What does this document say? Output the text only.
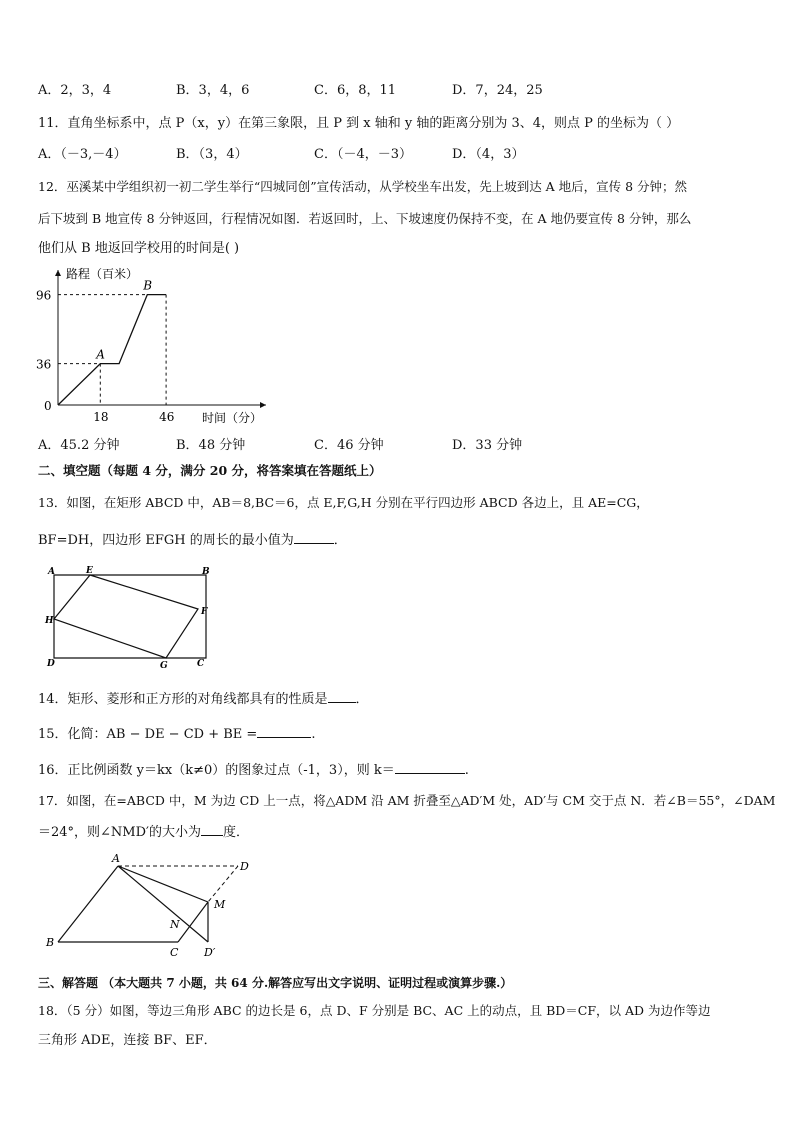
A．2，3，4	B．3，4，6	C．6，8，11	D．7，24，25
11．直角坐标系中，点 P（x，y）在第三象限，且 P 到 x 轴和 y 轴的距离分别为 3、4，则点 P 的坐标为（ ）
A．（－3,－4）	B．（3，4）	C．（－4，－3）	D．（4，3）
12．巫溪某中学组织初一初二学生举行“四城同创”宣传活动，从学校坐车出发，先上坡到达 A 地后，宣传 8 分钟；然
后下坡到 B 地宣传 8 分钟返回，行程情况如图．若返回时，上、下坡速度仍保持不变，在 A 地仍要宣传 8 分钟，那么
他们从 B 地返回学校用的时间是( )
路程（百米）
时间（分）
0
18	46
36
96
A
B
A．45.2 分钟	B．48 分钟	C．46 分钟	D．33 分钟
二、填空题（每题 4 分，满分 20 分，将答案填在答题纸上）
13．如图，在矩形 ABCD 中，AB＝8,BC＝6，点 E,F,G,H 分别在平行四边形 ABCD 各边上，且 AE=CG，
BF=DH，四边形 EFGH 的周长的最小值为	．
A	E	B
F
H
D	G	C
14．矩形、菱形和正方形的对角线都具有的性质是 ．
15．化简：AB − DE − CD + BE =	.
16．正比例函数 y＝kx（k≠0）的图象过点（-1，3），则 k＝	.
17．如图，在=ABCD 中，M 为边 CD 上一点，将△ADM 沿 AM 折叠至△AD′M 处，AD′与 CM 交于点 N．若∠B＝55°，∠DAM
＝24°，则∠NMD′的大小为 度．
A
D
M
N
B
C D′
三、解答题 （本大题共 7 小题，共 64 分.解答应写出文字说明、证明过程或演算步骤.）
18．（5 分）如图，等边三角形 ABC 的边长是 6，点 D、F 分别是 BC、AC 上的动点，且 BD＝CF，以 AD 为边作等边
三角形 ADE，连接 BF、EF．
